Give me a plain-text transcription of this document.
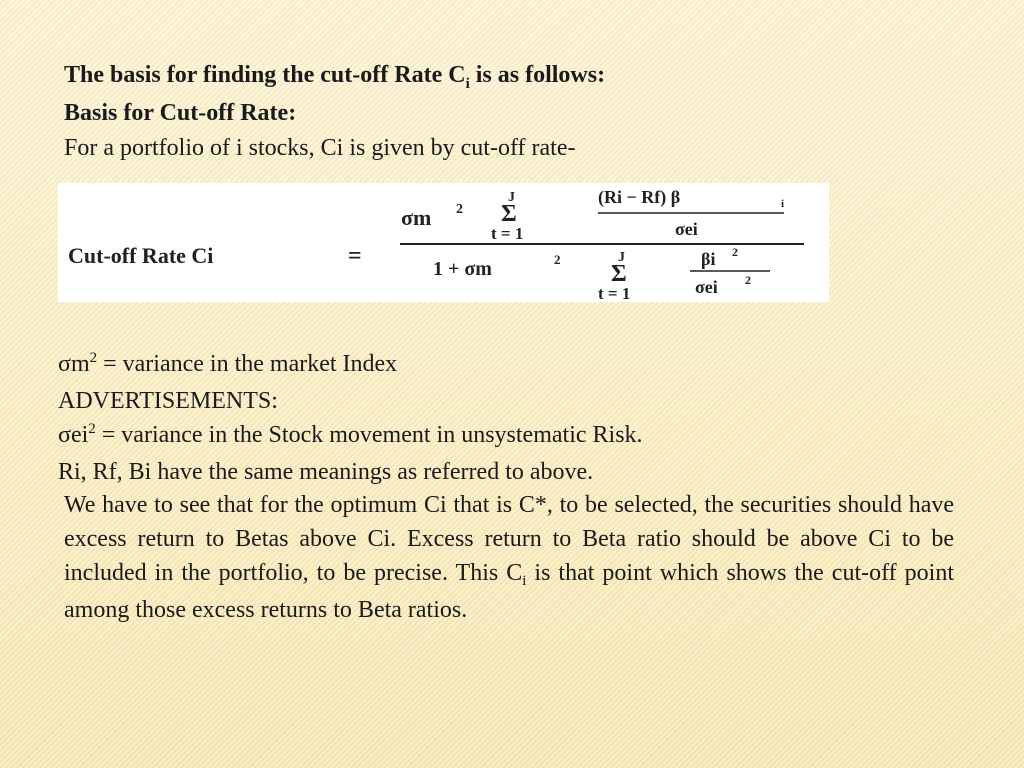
The basis for finding the cut-off Rate $C_i$ is as follows:
Basis for Cut-off Rate:
For a portfolio of i stocks, Ci is given by cut-off rate-
Cut-off Rate Ci	=
σm 2
J
Σ
t = 1
(Ri − Rf) β	i
σei
1 + σm	2	J
Σ
t = 1
βi 2
σei 2
$\sigma m^2$ = variance in the market Index
ADVERTISEMENTS:
σei$^2$ = variance in the Stock movement in unsystematic Risk.
Ri, Rf, Bi have the same meanings as referred to above.
We have to see that for the optimum Ci that is C*, to be selected, the securities should have excess return to Betas above Ci. Excess return to Beta ratio should be above Ci to be included in the portfolio, to be precise. This $C_i$ is that point which shows the cut-off point among those excess returns to Beta ratios.
